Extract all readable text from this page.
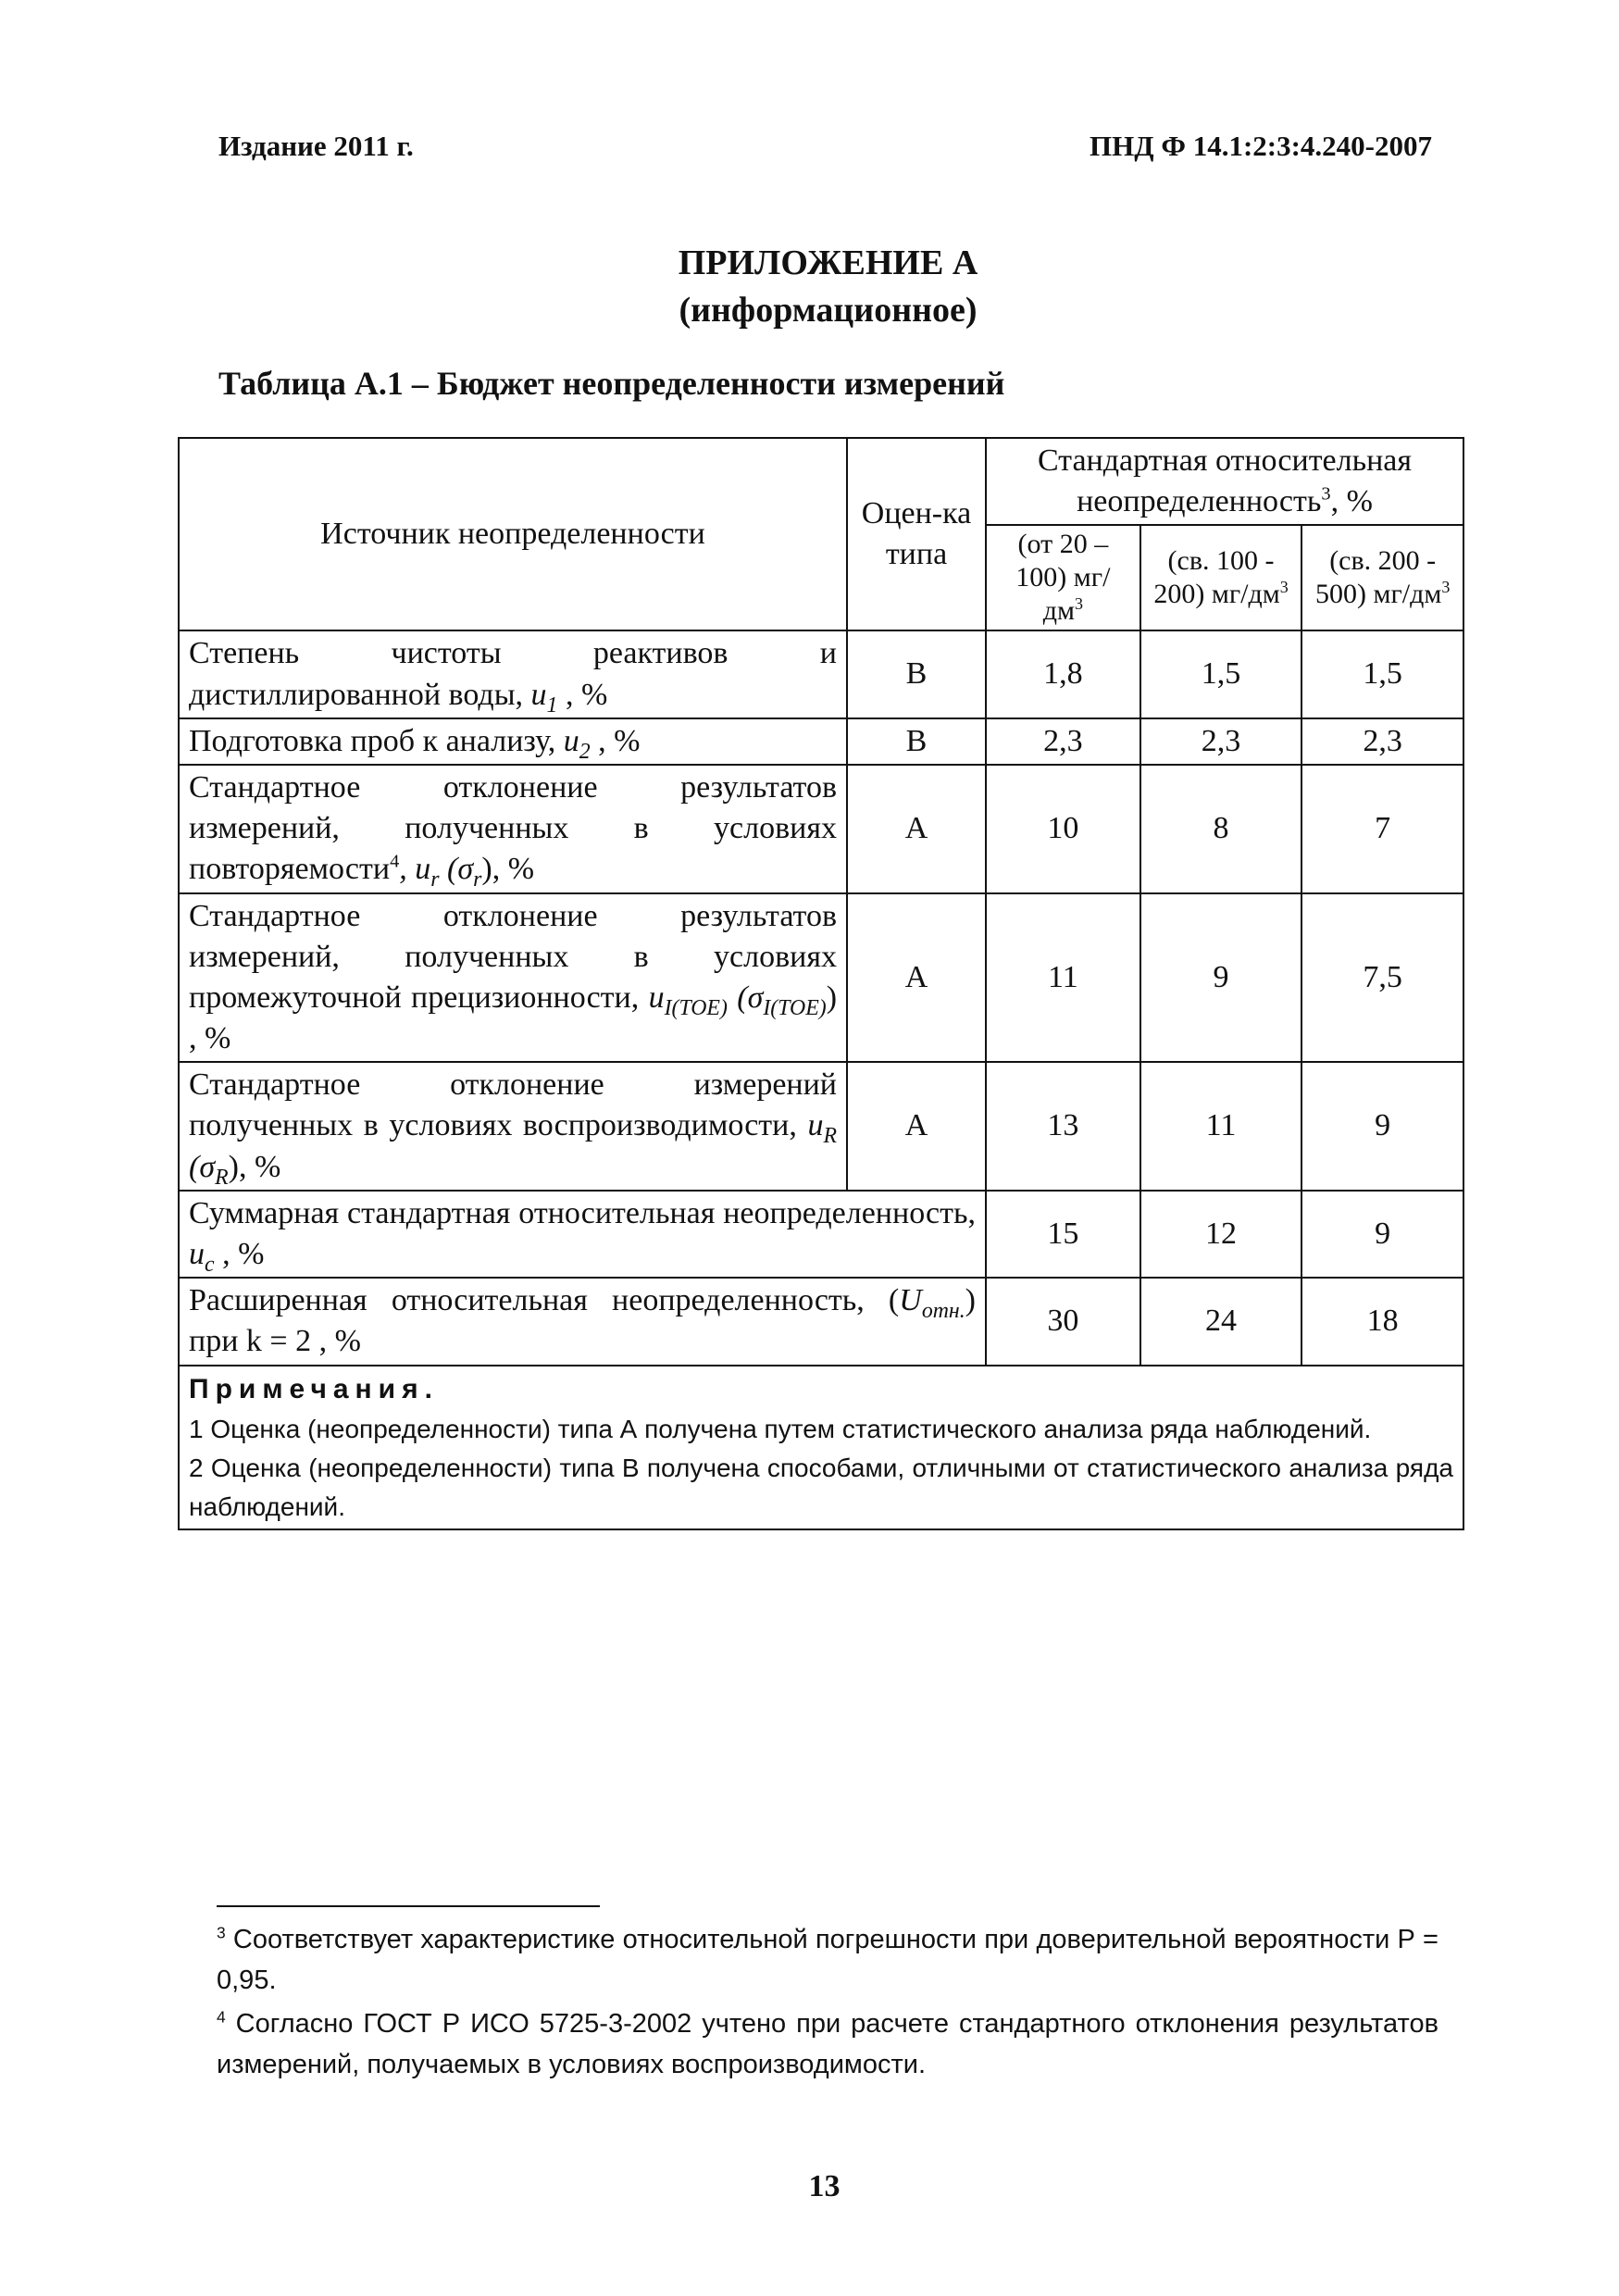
Издание 2011 г.	ПНД Ф 14.1:2:3:4.240-2007
ПРИЛОЖЕНИЕ А
(информационное)
Таблица А.1 – Бюджет неопределенности измерений
Источник неопределенности	Оцен-ка типа	Стандартная относительная неопределенность$^3$, %		
		(от 20 – 100) $мг/дм^3$	(св. 100 - 200) $мг/дм^3$	(св. 200 - 500) $мг/дм^3$
Степень чистоты реактивов и дистиллированной воды, $u_1$ , %	В	1,8	1,5	1,5
Подготовка проб к анализу, $u_2$ , %	В	2,3	2,3	2,3
Стандартное отклонение результатов измерений, полученных в условиях повторяемости$^4$, $u_r$ $(\sigma_r)$, %	А	10	8	7
Стандартное отклонение результатов измерений, полученных в условиях промежуточной прецизионности, $u_{I(TOE)}$ $(\sigma_{I(TOE)})$ , %	А	11	9	7,5
Стандартное отклонение измерений полученных в условиях воспроизводимости, $u_R$ $(\sigma_R)$, %	А	13	11	9
Суммарная стандартная относительная неопределенность, $u_c$ , %		15	12	9
Расширенная относительная неопределенность, $(U_{отн.})$ при k = 2 , %		30	24	18

Примечания.
1 Оценка (неопределенности) типа А получена путем статистического анализа ряда наблюдений.
2 Оценка (неопределенности) типа В получена способами, отличными от статистического анализа ряда наблюдений.				

$^3$ Соответствует характеристике относительной погрешности при доверительной вероятности Р = 0,95.

$^4$ Согласно ГОСТ Р ИСО 5725-3-2002 учтено при расчете стандартного отклонения результатов измерений, получаемых в условиях воспроизводимости.

13
